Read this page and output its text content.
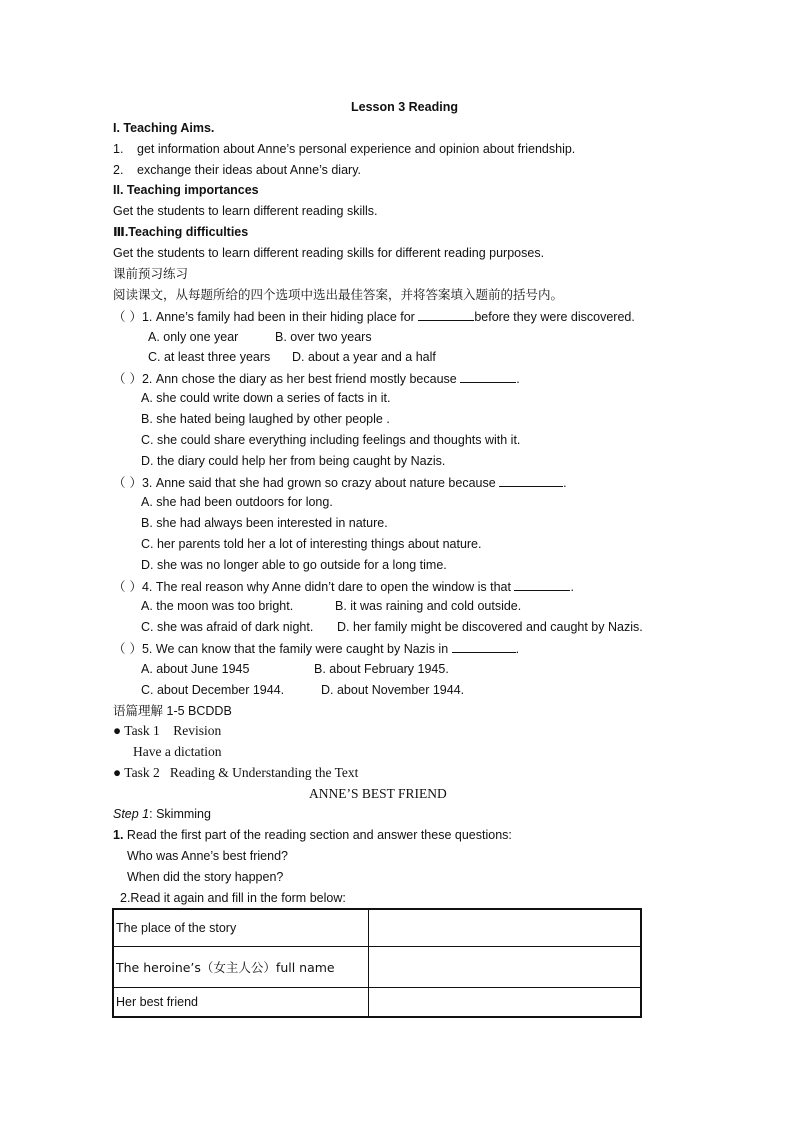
Lesson 3 Reading
I. Teaching Aims.
1. get information about Anne’s personal experience and opinion about friendship.
2. exchange their ideas about Anne’s diary.
II. Teaching importances
Get the students to learn different reading skills.
Ⅲ.Teaching difficulties
Get the students to learn different reading skills for different reading purposes.
课前预习练习
阅读课文，从每题所给的四个选项中选出最佳答案，并将答案填入题前的括号内。
（ ）1. Anne’s family had been in their hiding place for	before they were discovered.
A. only one year	B. over two years
C. at least three years D. about a year and a half
（ ）2. Ann chose the diary as her best friend mostly because	.
A. she could write down a series of facts in it.
B. she hated being laughed by other people .
C. she could share everything including feelings and thoughts with it.
D. the diary could help her from being caught by Nazis.
（ ）3. Anne said that she had grown so crazy about nature because	.
A. she had been outdoors for long.
B. she had always been interested in nature.
C. her parents told her a lot of interesting things about nature.
D. she was no longer able to go outside for a long time.
（ ）4. The real reason why Anne didn’t dare to open the window is that	.
A. the moon was too bright.	B. it was raining and cold outside.
C. she was afraid of dark night. D. her family might be discovered and caught by Nazis.
（ ）5. We can know that the family were caught by Nazis in	.
A. about June 1945	B. about February 1945.
C. about December 1944.	D. about November 1944.
语篇理解 1-5 BCDDB
● Task 1 Revision
Have a dictation
● Task 2 Reading & Understanding the Text
ANNE’S BEST FRIEND
Step 1: Skimming
1. Read the first part of the reading section and answer these questions:
Who was Anne’s best friend?
When did the story happen?
2.Read it again and fill in the form below:
The place of the story	
The heroine’s（女主人公）full name	
Her best friend	
